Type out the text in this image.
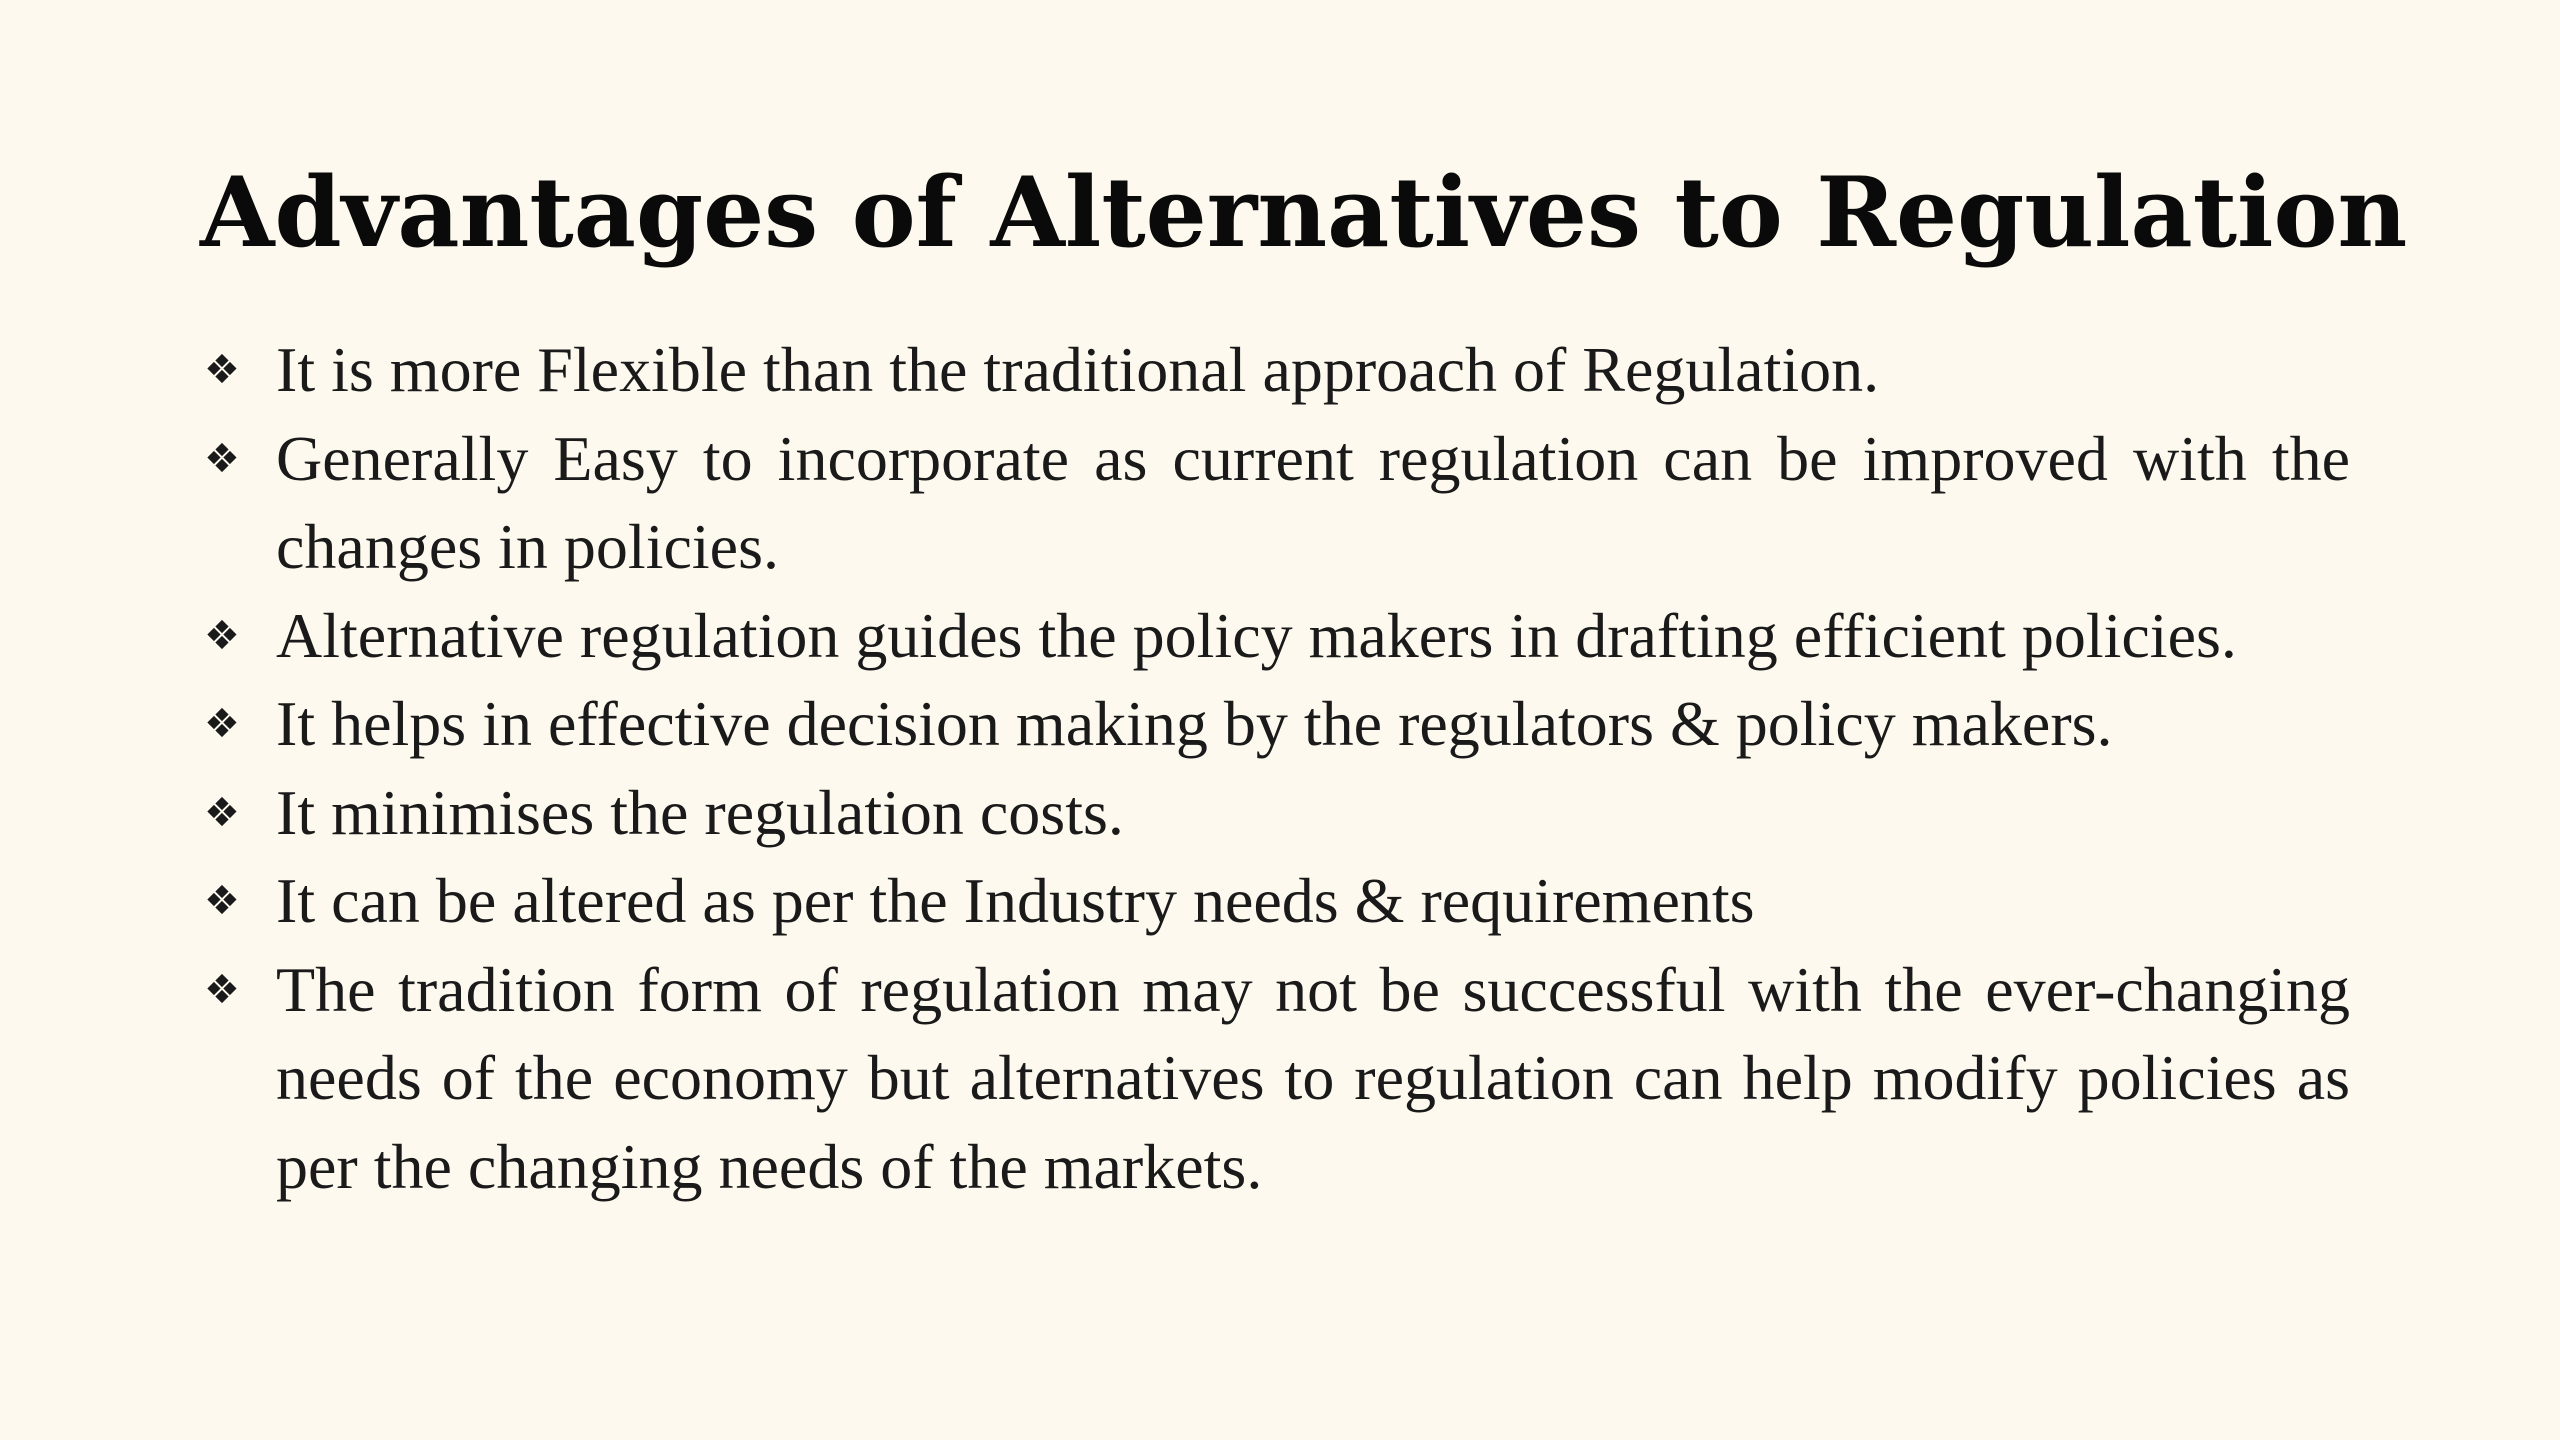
Advantages of Alternatives to Regulation
❖ It is more Flexible than the traditional approach of Regulation.
❖ Generally Easy to incorporate as current regulation can be improved with the changes in policies.
❖ Alternative regulation guides the policy makers in drafting efficient policies.
❖ It helps in effective decision making by the regulators & policy makers.
❖ It minimises the regulation costs.
❖ It can be altered as per the Industry needs & requirements
❖ The tradition form of regulation may not be successful with the ever-changing needs of the economy but alternatives to regulation can help modify policies as per the changing needs of the markets.
